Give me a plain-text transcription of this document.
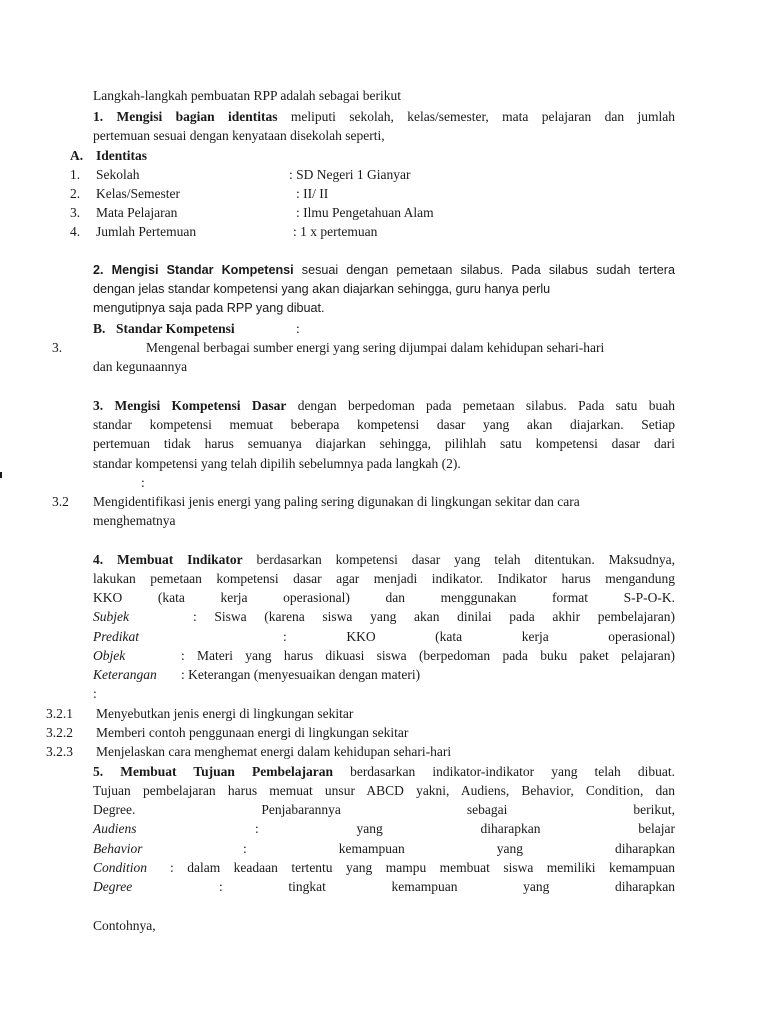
Langkah-langkah pembuatan RPP adalah sebagai berikut
1. Mengisi bagian identitas meliputi sekolah, kelas/semester, mata pelajaran dan jumlah
pertemuan sesuai dengan kenyataan disekolah seperti,
A. Identitas
1. Sekolah	: SD Negeri 1 Gianyar
2. Kelas/Semester	: II/ II
3. Mata Pelajaran	: Ilmu Pengetahuan Alam
4. Jumlah Pertemuan	: 1 x pertemuan
2. Mengisi Standar Kompetensi sesuai dengan pemetaan silabus. Pada silabus sudah tertera
dengan jelas standar kompetensi yang akan diajarkan sehingga, guru hanya perlu
mengutipnya saja pada RPP yang dibuat.
B. Standar Kompetensi	:
3.	Mengenal berbagai sumber energi yang sering dijumpai dalam kehidupan sehari-hari
dan kegunaannya
3. Mengisi Kompetensi Dasar dengan berpedoman pada pemetaan silabus. Pada satu buah
standar kompetensi memuat beberapa kompetensi dasar yang akan diajarkan. Setiap
pertemuan tidak harus semuanya diajarkan sehingga, pilihlah satu kompetensi dasar dari
standar kompetensi yang telah dipilih sebelumnya pada langkah (2).
:
3.2 Mengidentifikasi jenis energi yang paling sering digunakan di lingkungan sekitar dan cara
menghematnya
4. Membuat Indikator berdasarkan kompetensi dasar yang telah ditentukan. Maksudnya,
lakukan pemetaan kompetensi dasar agar menjadi indikator. Indikator harus mengandung
KKO (kata kerja operasional) dan menggunakan format S-P-O-K.
Subjek	: Siswa (karena siswa yang akan dinilai pada akhir pembelajaran)
Predikat	: KKO (kata kerja operasional)
Objek	: Materi yang harus dikuasi siswa (berpedoman pada buku paket pelajaran)
Keterangan : Keterangan (menyesuaikan dengan materi)
:
3.2.1 Menyebutkan jenis energi di lingkungan sekitar
3.2.2 Memberi contoh penggunaan energi di lingkungan sekitar
3.2.3 Menjelaskan cara menghemat energi dalam kehidupan sehari-hari
5. Membuat Tujuan Pembelajaran berdasarkan indikator-indikator yang telah dibuat.
Tujuan pembelajaran harus memuat unsur ABCD yakni, Audiens, Behavior, Condition, dan
Degree. Penjabarannya sebagai berikut,
Audiens	: yang diharapkan belajar
Behavior	: kemampuan yang diharapkan
Condition : dalam keadaan tertentu yang mampu membuat siswa memiliki kemampuan
Degree	: tingkat kemampuan yang diharapkan
Contohnya,
